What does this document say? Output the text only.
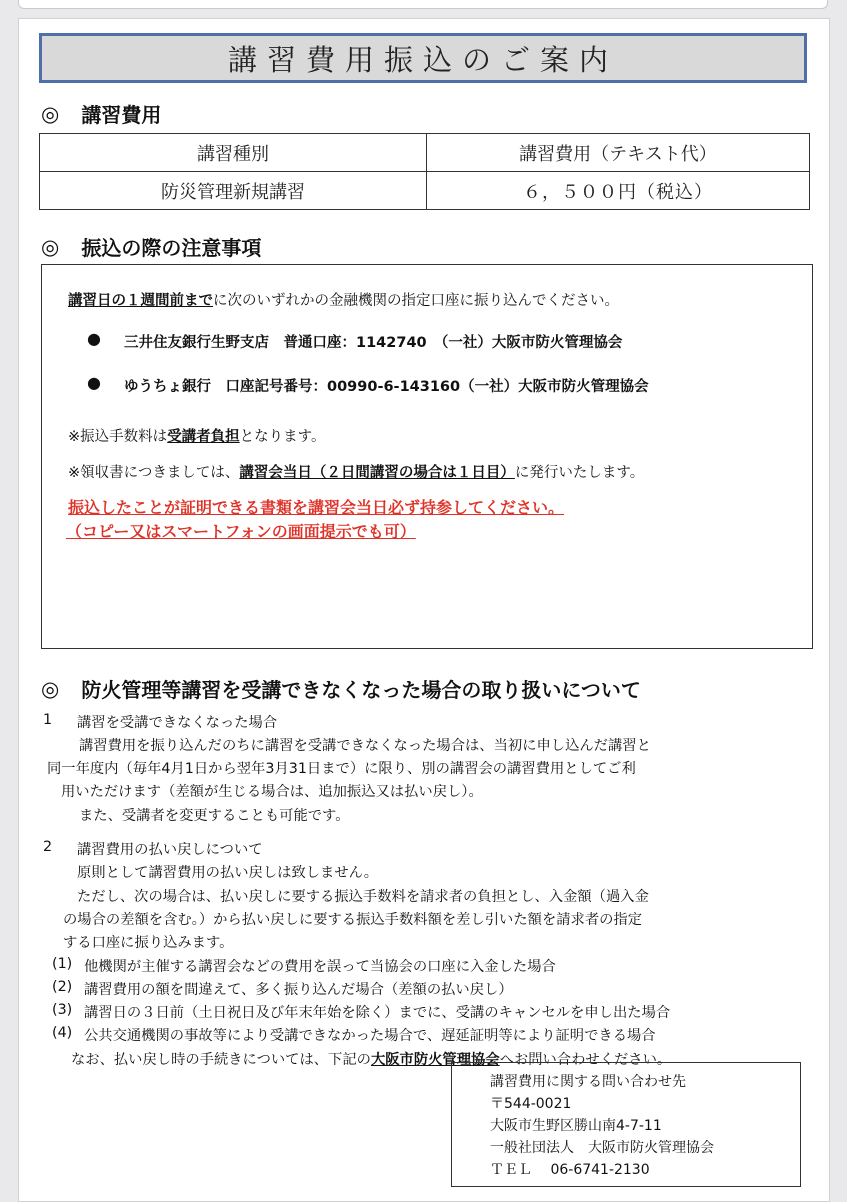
講習費用振込のご案内
◎ 講習費用
講習種別	講習費用（テキスト代）
防災管理新規講習	６，５００円（税込）
◎ 振込の際の注意事項
講習日の１週間前までに次のいずれかの金融機関の指定口座に振り込んでください。
● 三井住友銀行生野支店　普通口座：1142740　（一社）大阪市防火管理協会
● ゆうちょ銀行　口座記号番号：00990-6-143160（一社）大阪市防火管理協会
※振込手数料は受講者負担となります。
※領収書につきましては、講習会当日（２日間講習の場合は１日目）に発行いたします。
振込したことが証明できる書類を講習会当日必ず持参してください。
（コピー又はスマートフォンの画面提示でも可）
◎ 防火管理等講習を受講できなくなった場合の取り扱いについて
1 講習を受講できなくなった場合
講習費用を振り込んだのちに講習を受講できなくなった場合は、当初に申し込んだ講習と
同一年度内（毎年4月1日から翌年3月31日まで）に限り、別の講習会の講習費用としてご利
用いただけます（差額が生じる場合は、追加振込又は払い戻し）。
また、受講者を変更することも可能です。
2 講習費用の払い戻しについて
原則として講習費用の払い戻しは致しません。
ただし、次の場合は、払い戻しに要する振込手数料を請求者の負担とし、入金額（過入金
の場合の差額を含む。）から払い戻しに要する振込手数料額を差し引いた額を請求者の指定
する口座に振り込みます。
(1) 他機関が主催する講習会などの費用を誤って当協会の口座に入金した場合
(2) 講習費用の額を間違えて、多く振り込んだ場合（差額の払い戻し）
(3) 講習日の３日前（土日祝日及び年末年始を除く）までに、受講のキャンセルを申し出た場合
(4) 公共交通機関の事故等により受講できなかった場合で、遅延証明等により証明できる場合
なお、払い戻し時の手続きについては、下記の大阪市防火管理協会へお問い合わせください。
講習費用に関する問い合わせ先
〒544-0021
大阪市生野区勝山南4-7-11
一般社団法人　大阪市防火管理協会
ＴＥＬ　 06-6741-2130
